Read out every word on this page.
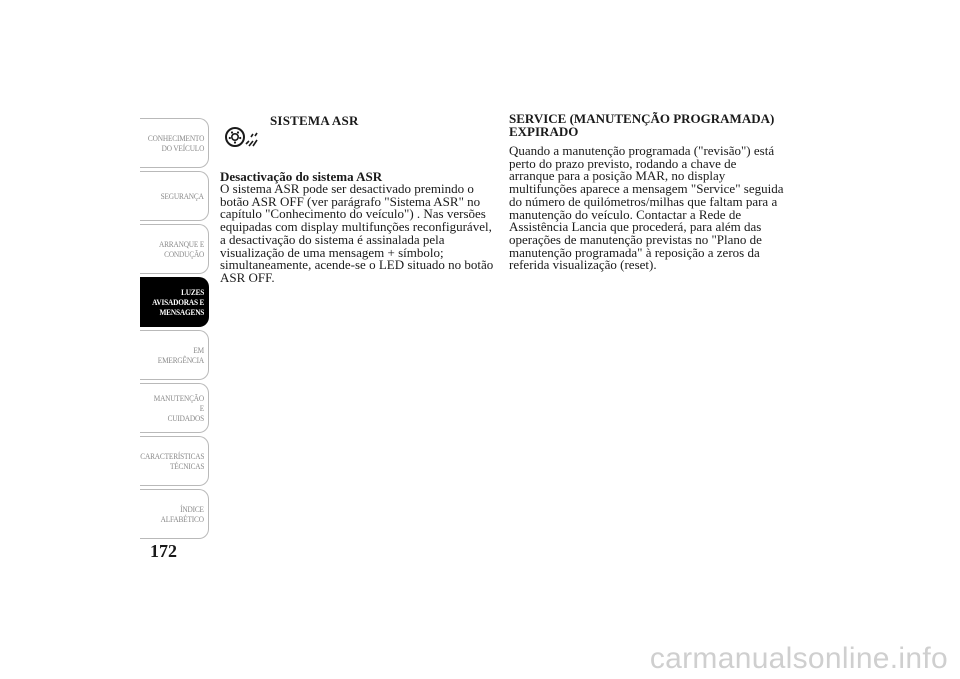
CONHECIMENTO
DO VEÍCULO
SEGURANÇA
ARRANQUE E
CONDUÇÃO
LUZES
AVISADORAS E
MENSAGENS
EM EMERGÊNCIA
MANUTENÇÃO E
CUIDADOS
CARACTERÍSTICAS
TÉCNICAS
ÍNDICE
ALFABÉTICO
172
SISTEMA ASR
Desactivação do sistema ASR
O sistema ASR pode ser desactivado premindo o botão ASR OFF (ver parágrafo "Sistema ASR" no capítulo "Conhecimento do veículo") . Nas versões equipadas com display multifunções reconfigurável, a desactivação do sistema é assinalada pela visualização de uma mensagem + símbolo; simultaneamente, acende-se o LED situado no botão ASR OFF.
SERVICE (MANUTENÇÃO PROGRAMADA) EXPIRADO
Quando a manutenção programada ("revisão") está perto do prazo previsto, rodando a chave de arranque para a posição MAR, no display multifunções aparece a mensagem "Service" seguida do número de quilómetros/milhas que faltam para a manutenção do veículo. Contactar a Rede de Assistência Lancia que procederá, para além das operações de manutenção previstas no "Plano de manutenção programada" à reposição a zeros da referida visualização (reset).
carmanualsonline.info
